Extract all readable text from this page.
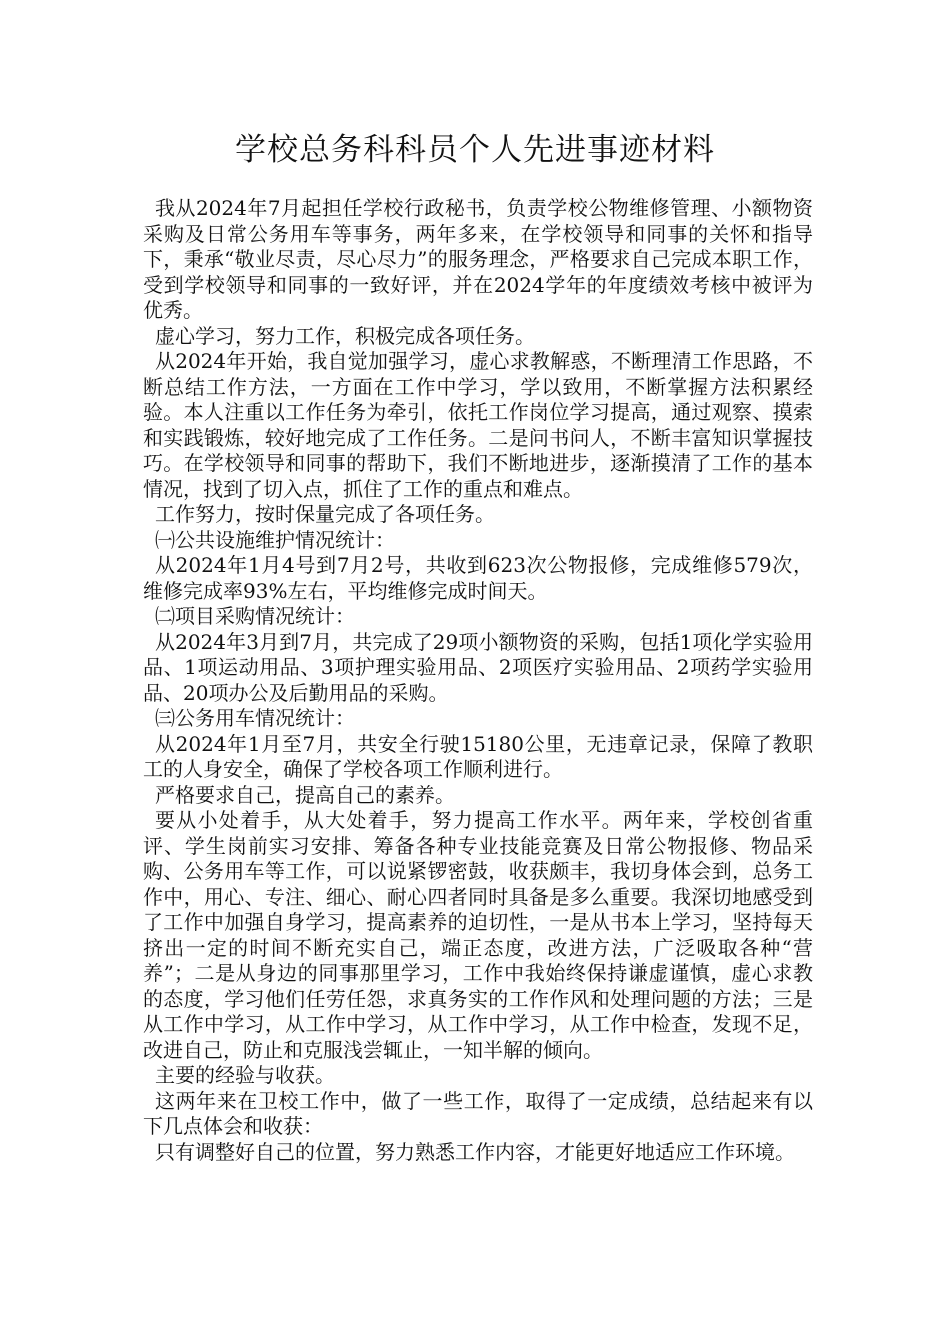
学校总务科科员个人先进事迹材料

我从2024年7月起担任学校行政秘书，负责学校公物维修管理、小额物资采购及日常公务用车等事务，两年多来，在学校领导和同事的关怀和指导下，秉承“敬业尽责，尽心尽力”的服务理念，严格要求自己完成本职工作，受到学校领导和同事的一致好评，并在2024学年的年度绩效考核中被评为优秀。

虚心学习，努力工作，积极完成各项任务。

从2024年开始，我自觉加强学习，虚心求教解惑，不断理清工作思路，不断总结工作方法，一方面在工作中学习，学以致用，不断掌握方法积累经验。本人注重以工作任务为牵引，依托工作岗位学习提高，通过观察、摸索和实践锻炼，较好地完成了工作任务。二是问书问人，不断丰富知识掌握技巧。在学校领导和同事的帮助下，我们不断地进步，逐渐摸清了工作的基本情况，找到了切入点，抓住了工作的重点和难点。

工作努力，按时保量完成了各项任务。

㈠公共设施维护情况统计：

从2024年1月4号到7月2号，共收到623次公物报修，完成维修579次，维修完成率93%左右，平均维修完成时间天。

㈡项目采购情况统计：

从2024年3月到7月，共完成了29项小额物资的采购，包括1项化学实验用品、1项运动用品、3项护理实验用品、2项医疗实验用品、2项药学实验用品、20项办公及后勤用品的采购。

㈢公务用车情况统计：

从2024年1月至7月，共安全行驶15180公里，无违章记录，保障了教职工的人身安全，确保了学校各项工作顺利进行。

严格要求自己，提高自己的素养。

要从小处着手，从大处着手，努力提高工作水平。两年来，学校创省重评、学生岗前实习安排、筹备各种专业技能竞赛及日常公物报修、物品采购、公务用车等工作，可以说紧锣密鼓，收获颇丰，我切身体会到，总务工作中，用心、专注、细心、耐心四者同时具备是多么重要。我深切地感受到了工作中加强自身学习，提高素养的迫切性，一是从书本上学习，坚持每天挤出一定的时间不断充实自己，端正态度，改进方法，广泛吸取各种“营养”；二是从身边的同事那里学习，工作中我始终保持谦虚谨慎，虚心求教的态度，学习他们任劳任怨，求真务实的工作作风和处理问题的方法；三是从工作中学习，从工作中学习，从工作中学习，从工作中检查，发现不足，改进自己，防止和克服浅尝辄止，一知半解的倾向。

主要的经验与收获。

这两年来在卫校工作中，做了一些工作，取得了一定成绩，总结起来有以下几点体会和收获：

只有调整好自己的位置，努力熟悉工作内容，才能更好地适应工作环境。
